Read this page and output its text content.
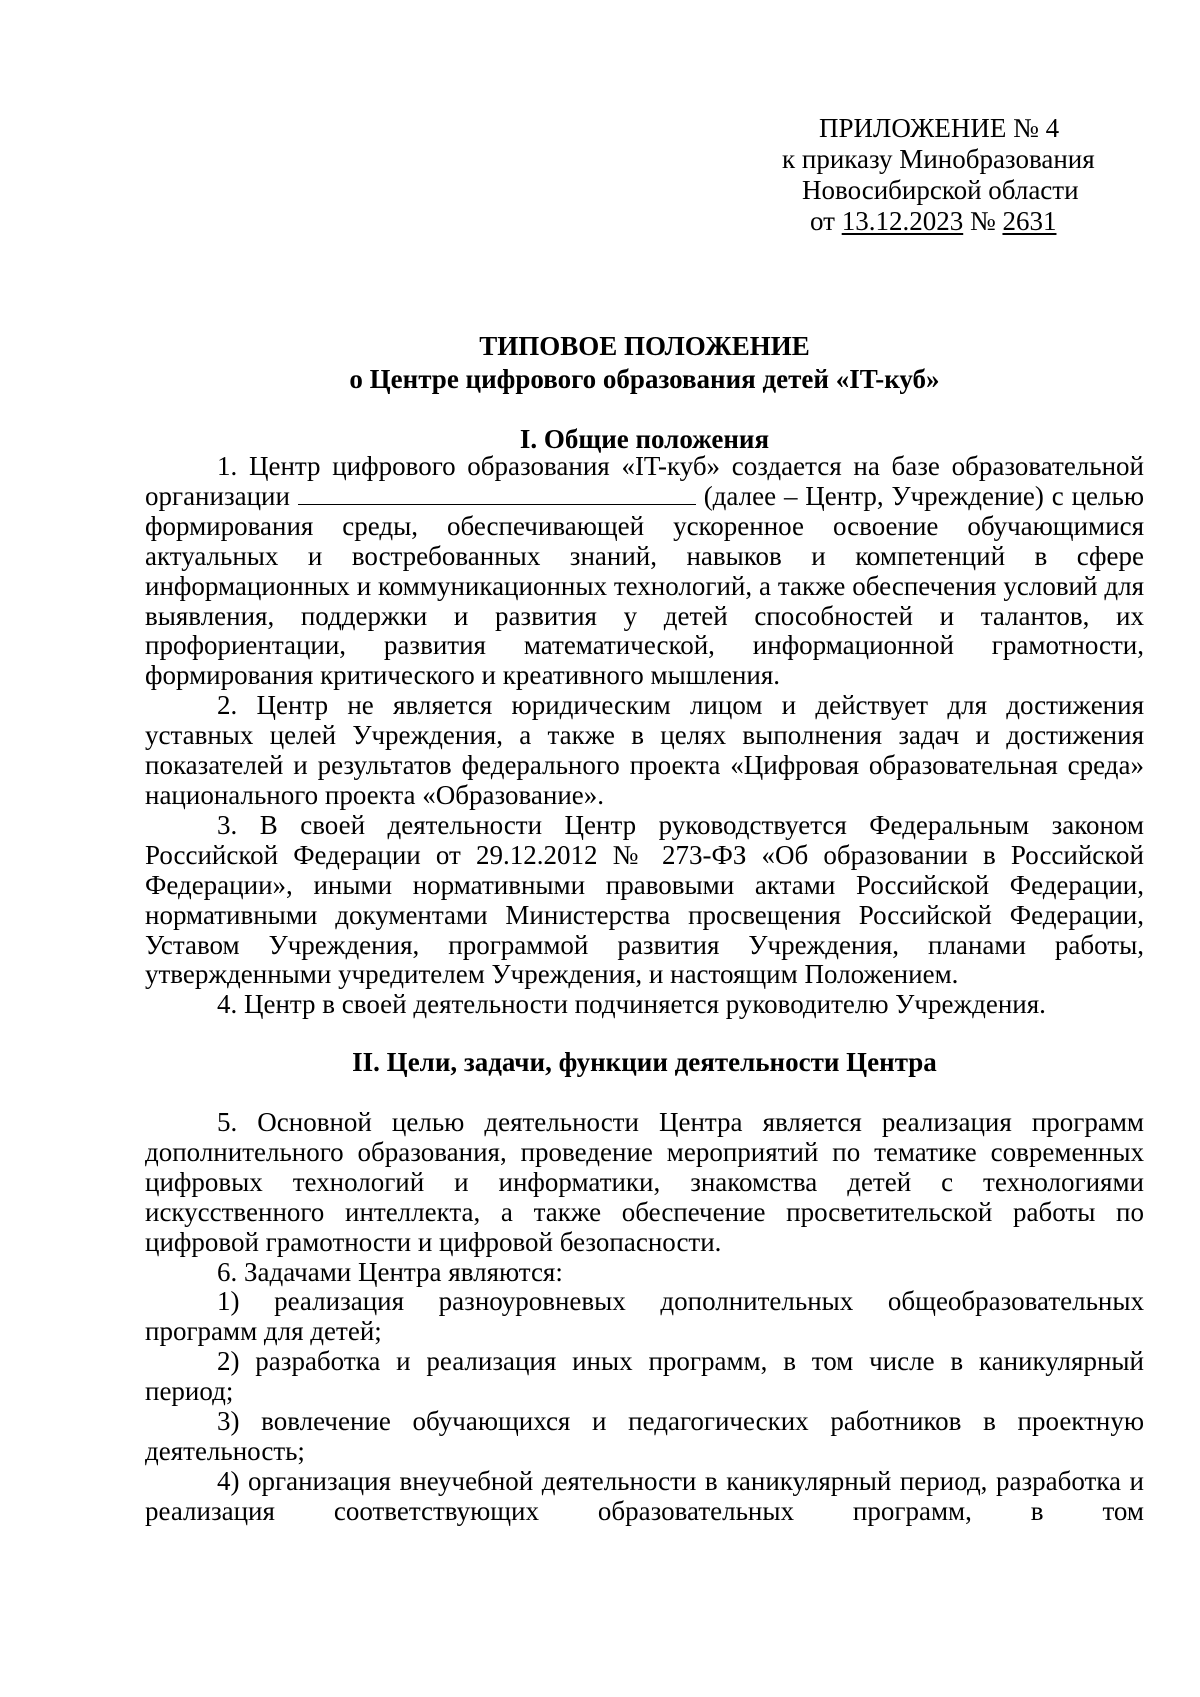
ПРИЛОЖЕНИЕ № 4
к приказу Минобразования
Новосибирской области
от 13.12.2023 № 2631
ТИПОВОЕ ПОЛОЖЕНИЕ
о Центре цифрового образования детей «IT-куб»
I. Общие положения

1. Центр цифрового образования «IT-куб» создается на базе образовательной организации	(далее – Центр, Учреждение) с целью формирования среды, обеспечивающей ускоренное освоение обучающимися актуальных и востребованных знаний, навыков и компетенций в сфере информационных и коммуникационных технологий, а также обеспечения условий для выявления, поддержки и развития у детей способностей и талантов, их профориентации, развития математической, информационной грамотности, формирования критического и креативного мышления.

2. Центр не является юридическим лицом и действует для достижения уставных целей Учреждения, а также в целях выполнения задач и достижения показателей и результатов федерального проекта «Цифровая образовательная среда» национального проекта «Образование».

3. В своей деятельности Центр руководствуется Федеральным законом Российской Федерации от 29.12.2012 № 273-ФЗ «Об образовании в Российской Федерации», иными нормативными правовыми актами Российской Федерации, нормативными документами Министерства просвещения Российской Федерации, Уставом Учреждения, программой развития Учреждения, планами работы, утвержденными учредителем Учреждения, и настоящим Положением.

4. Центр в своей деятельности подчиняется руководителю Учреждения.

II. Цели, задачи, функции деятельности Центра

5. Основной целью деятельности Центра является реализация программ дополнительного образования, проведение мероприятий по тематике современных цифровых технологий и информатики, знакомства детей с технологиями искусственного интеллекта, а также обеспечение просветительской работы по цифровой грамотности и цифровой безопасности.

6. Задачами Центра являются:

1) реализация разноуровневых дополнительных общеобразовательных программ для детей;

2) разработка и реализация иных программ, в том числе в каникулярный период;

3) вовлечение обучающихся и педагогических работников в проектную деятельность;

4) организация внеучебной деятельности в каникулярный период, разработка и реализация соответствующих образовательных программ, в том
